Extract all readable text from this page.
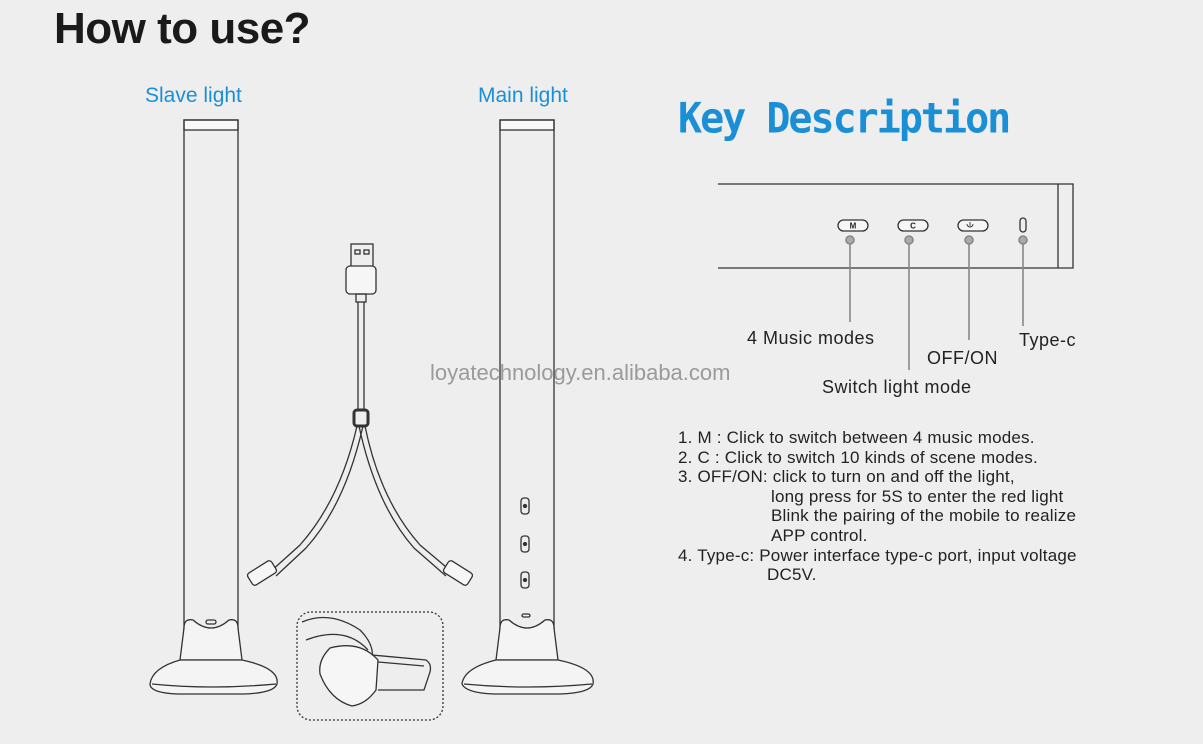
How to use?
Slave light	Main light	Key Description
M	C
4 Music modes
OFF/ON
Type-c
Switch light mode
loyatechnology.en.alibaba.com
1. M : Click to switch between 4 music modes.
2. C : Click to switch 10 kinds of scene modes.
3. OFF/ON: click to turn on and off the light,
long press for 5S to enter the red light
Blink the pairing of the mobile to realize
APP control.
4. Type-c: Power interface type-c port, input voltage
DC5V.
